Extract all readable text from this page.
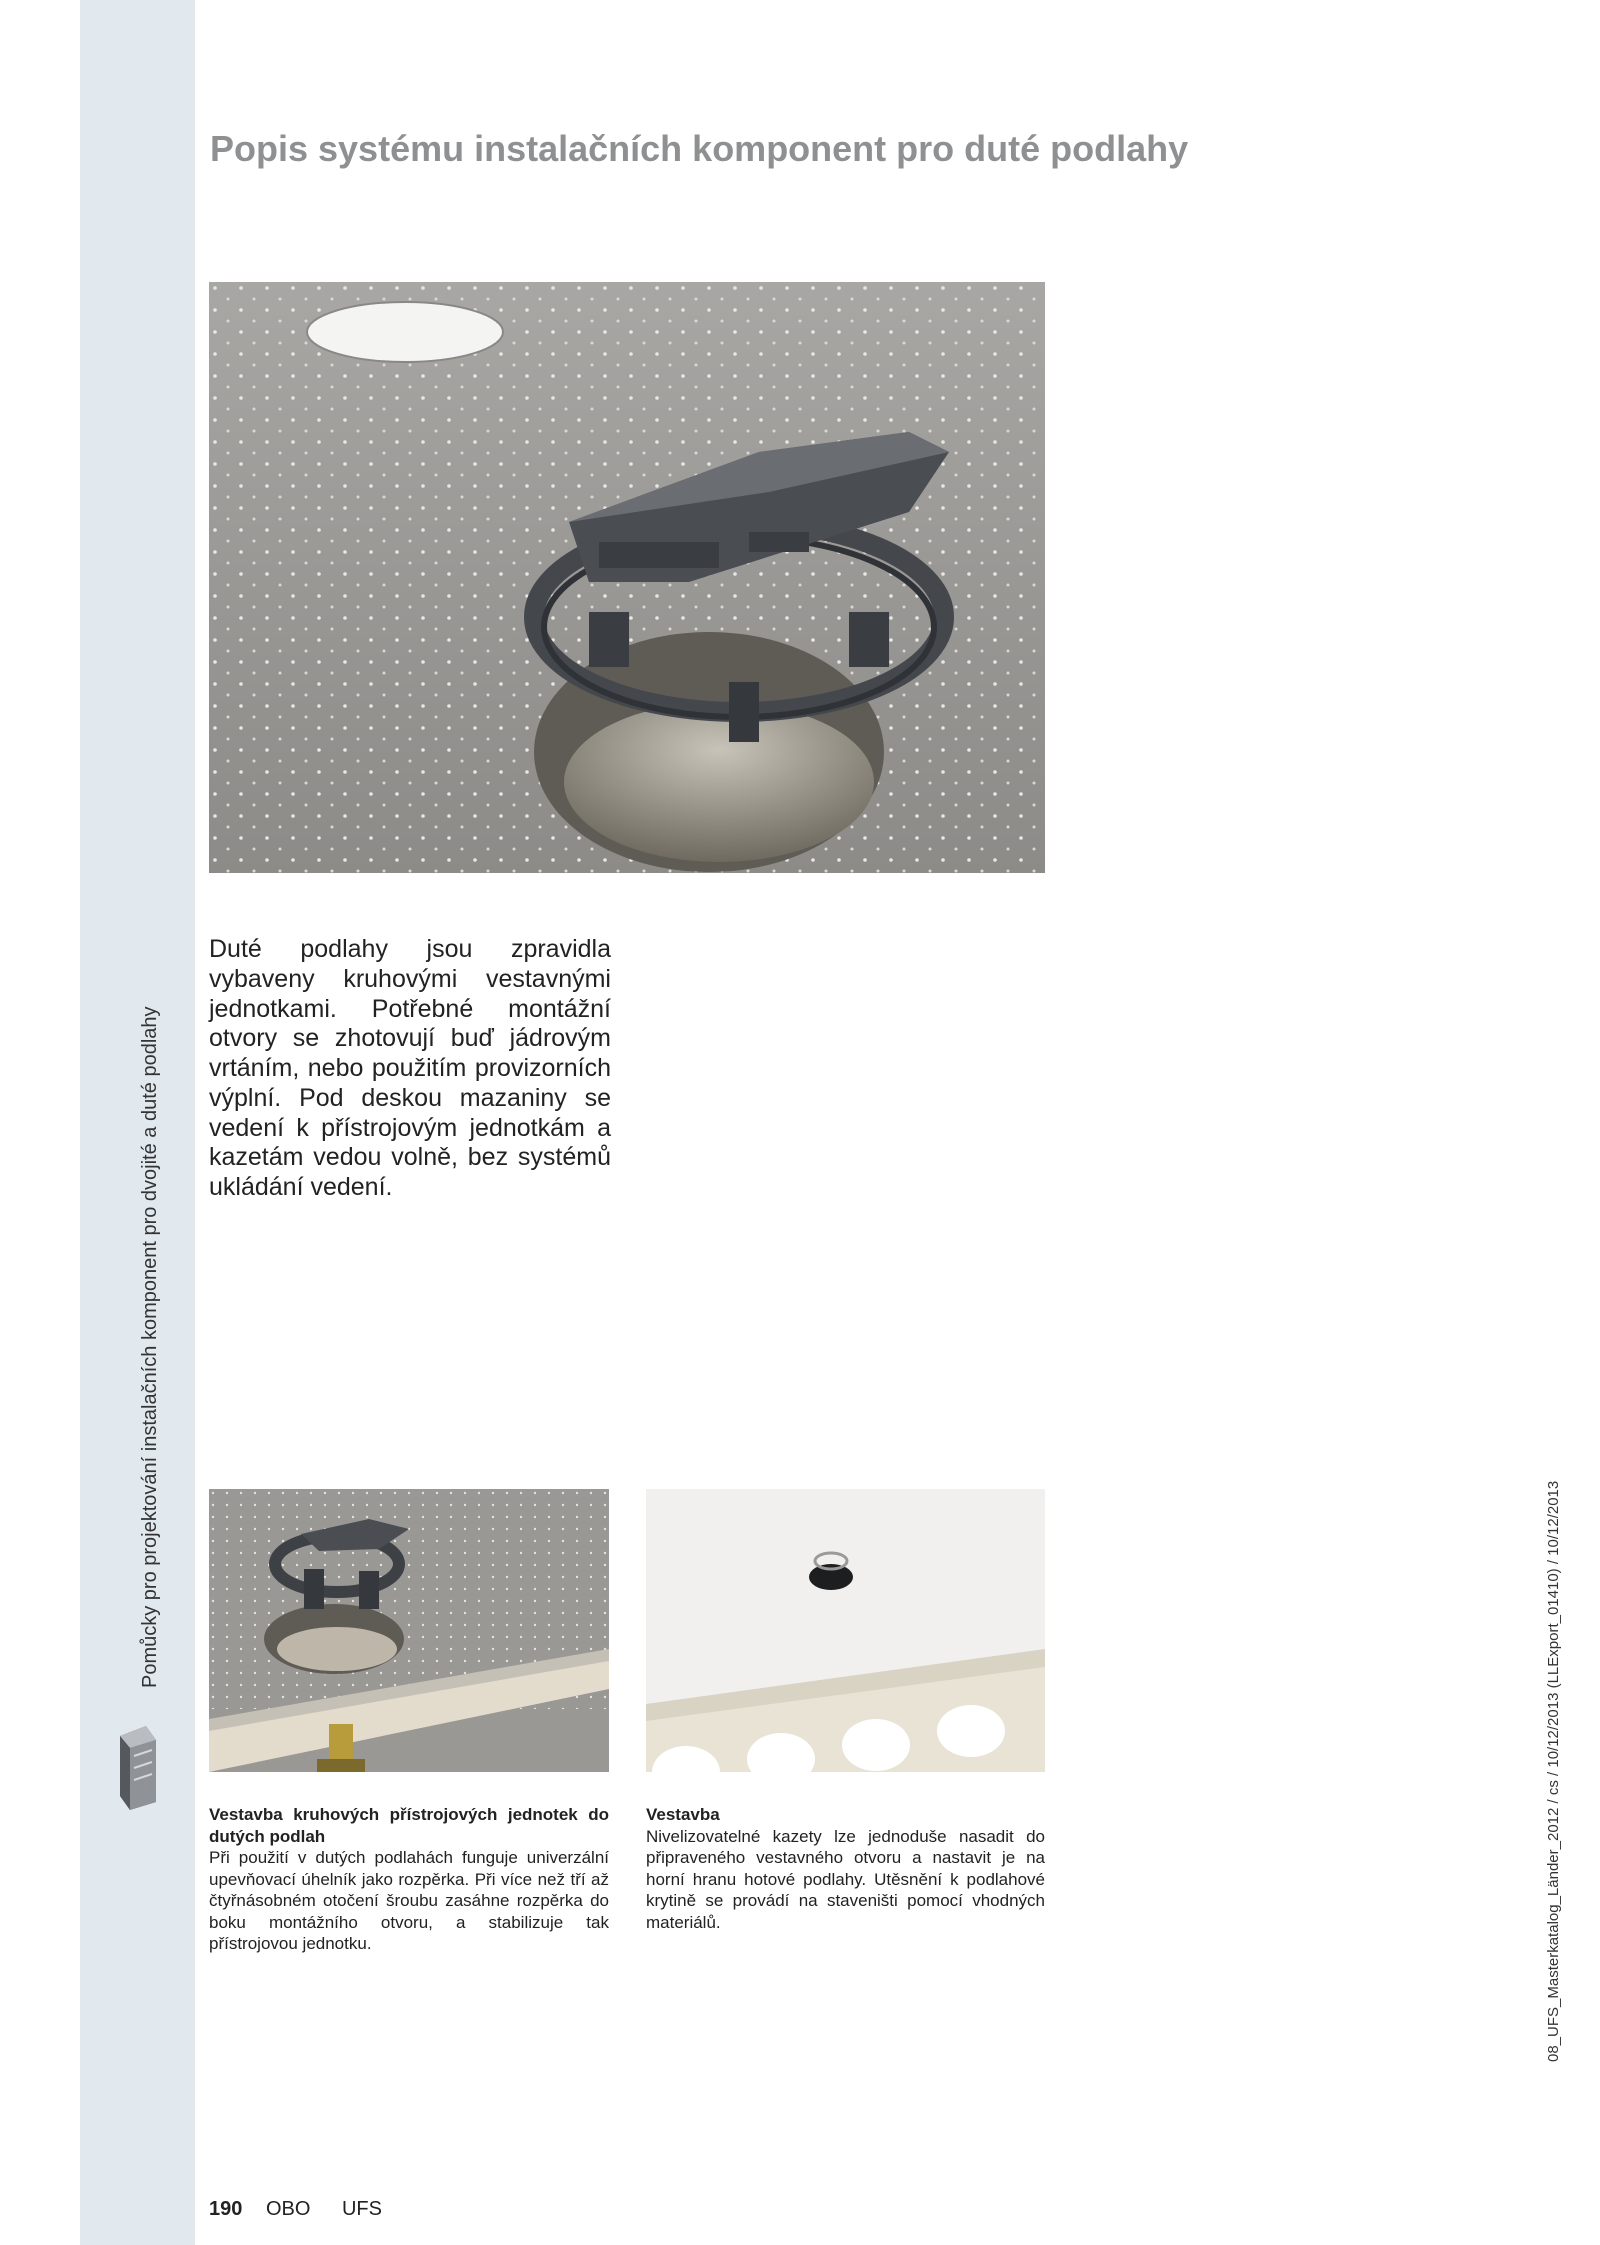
Pomůcky pro projektování instalačních komponent pro dvojité a duté podlahy
Popis systému instalačních komponent pro duté podlahy

Duté podlahy jsou zpravidla vybaveny kruhovými vestavnými jednotkami. Potřebné montážní otvory se zhotovují buď jádrovým vrtáním, nebo použitím provizorních výplní. Pod deskou mazaniny se vedení k přístrojovým jednotkám a kazetám vedou volně, bez systémů ukládání vedení.

Vestavba kruhových přístrojových jednotek do dutých podlah
Při použití v dutých podlahách funguje univerzální upevňovací úhelník jako rozpěrka. Při více než tří až čtyřnásobném otočení šroubu zasáhne rozpěrka do boku montážního otvoru, a stabilizuje tak přístrojovou jednotku.
Vestavba
Nivelizovatelné kazety lze jednoduše nasadit do připraveného vestavného otvoru a nastavit je na horní hranu hotové podlahy. Utěsnění k podlahové krytině se provádí na staveništi pomocí vhodných materiálů.	08_UFS_Masterkatalog_Länder_2012 / cs / 10/12/2013 (LLExport_01410) / 10/12/2013
190 OBO UFS
